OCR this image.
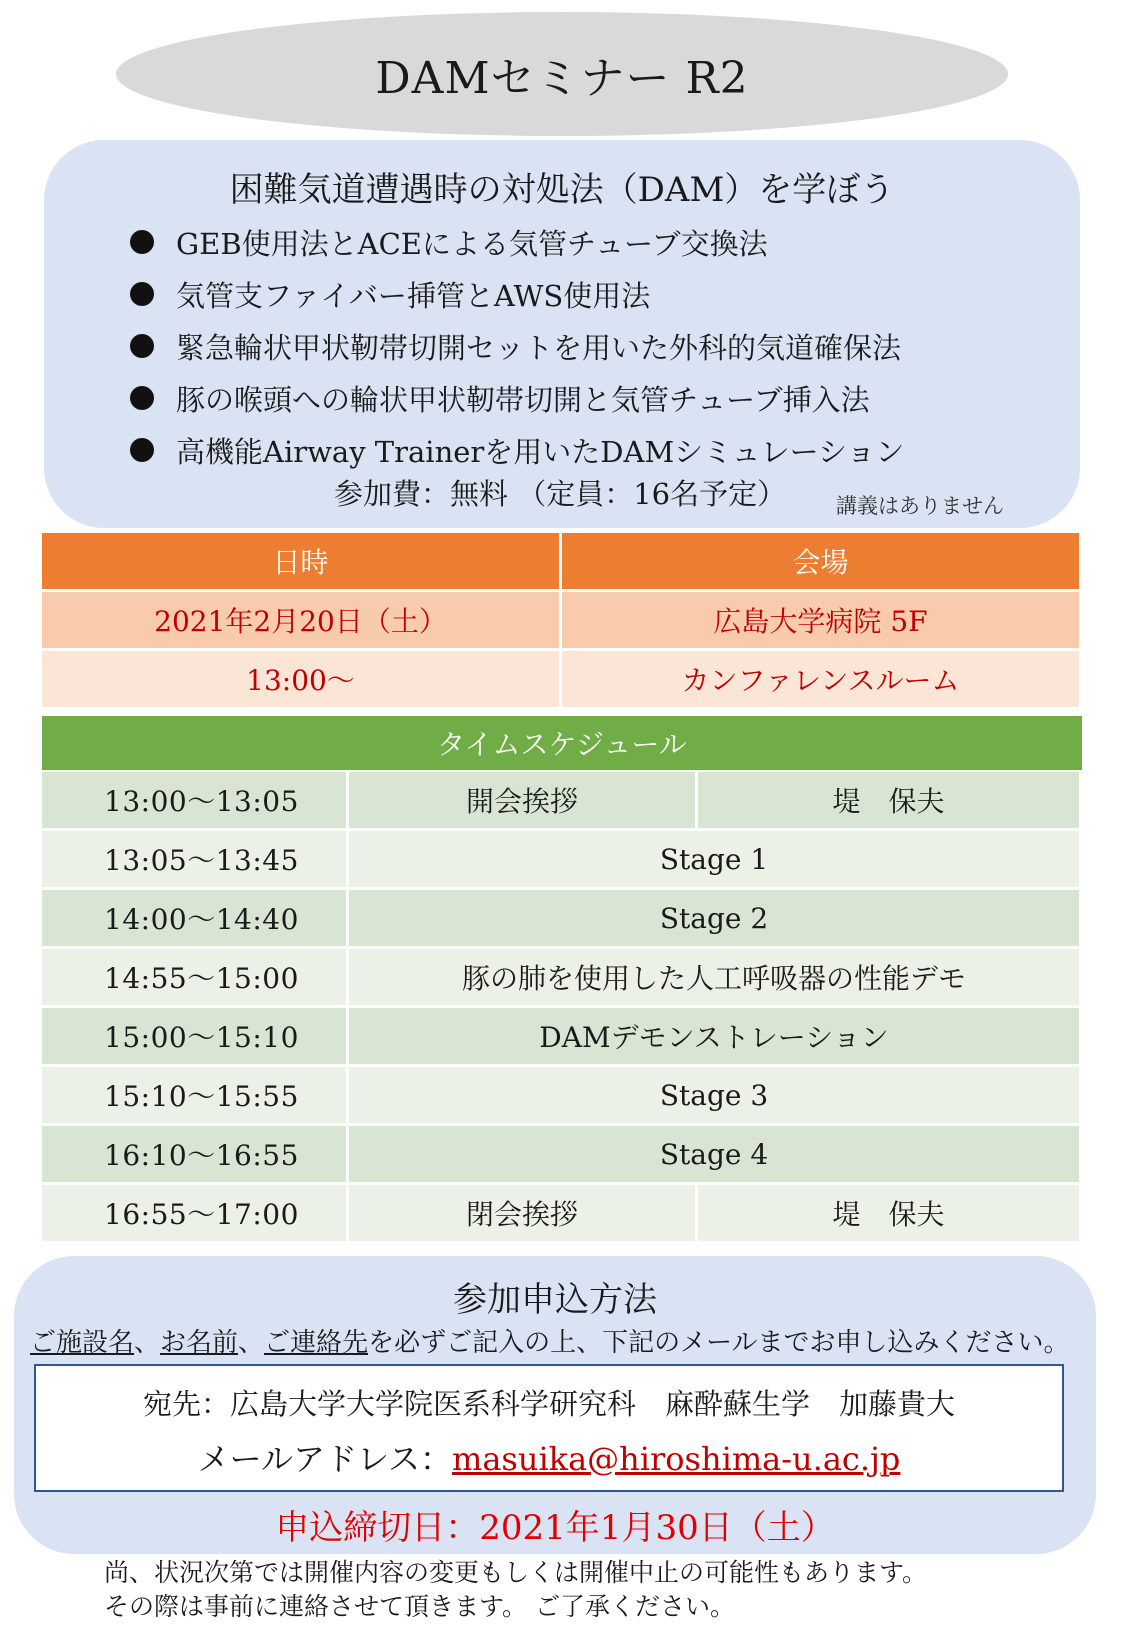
DAMセミナー R2
困難気道遭遇時の対処法（DAM）を学ぼう
GEB使用法とACEによる気管チューブ交換法
気管支ファイバー挿管とAWS使用法
緊急輪状甲状靭帯切開セットを用いた外科的気道確保法
豚の喉頭への輪状甲状靭帯切開と気管チューブ挿入法
高機能Airway Trainerを用いたDAMシミュレーション
参加費：無料 （定員：16名予定） 講義はありません
日時	会場
2021年2月20日（土）	広島大学病院 5F
13:00～	カンファレンスルーム
タイムスケジュール
13:00～13:05	開会挨拶	堤　保夫
13:05～13:45	Stage 1	
14:00～14:40	Stage 2	
14:55～15:00	豚の肺を使用した人工呼吸器の性能デモ	
15:00～15:10	DAMデモンストレーション	
15:10～15:55	Stage 3	
16:10～16:55	Stage 4	
16:55～17:00	閉会挨拶	堤　保夫
参加申込方法
ご施設名、お名前、ご連絡先を必ずご記入の上、下記のメールまでお申し込みください。
宛先：広島大学大学院医系科学研究科　麻酔蘇生学　加藤貴大
メールアドレス：masuika@hiroshima-u.ac.jp
申込締切日：2021年1月30日（土）
尚、状況次第では開催内容の変更もしくは開催中止の可能性もあります。
その際は事前に連絡させて頂きます。 ご了承ください。
